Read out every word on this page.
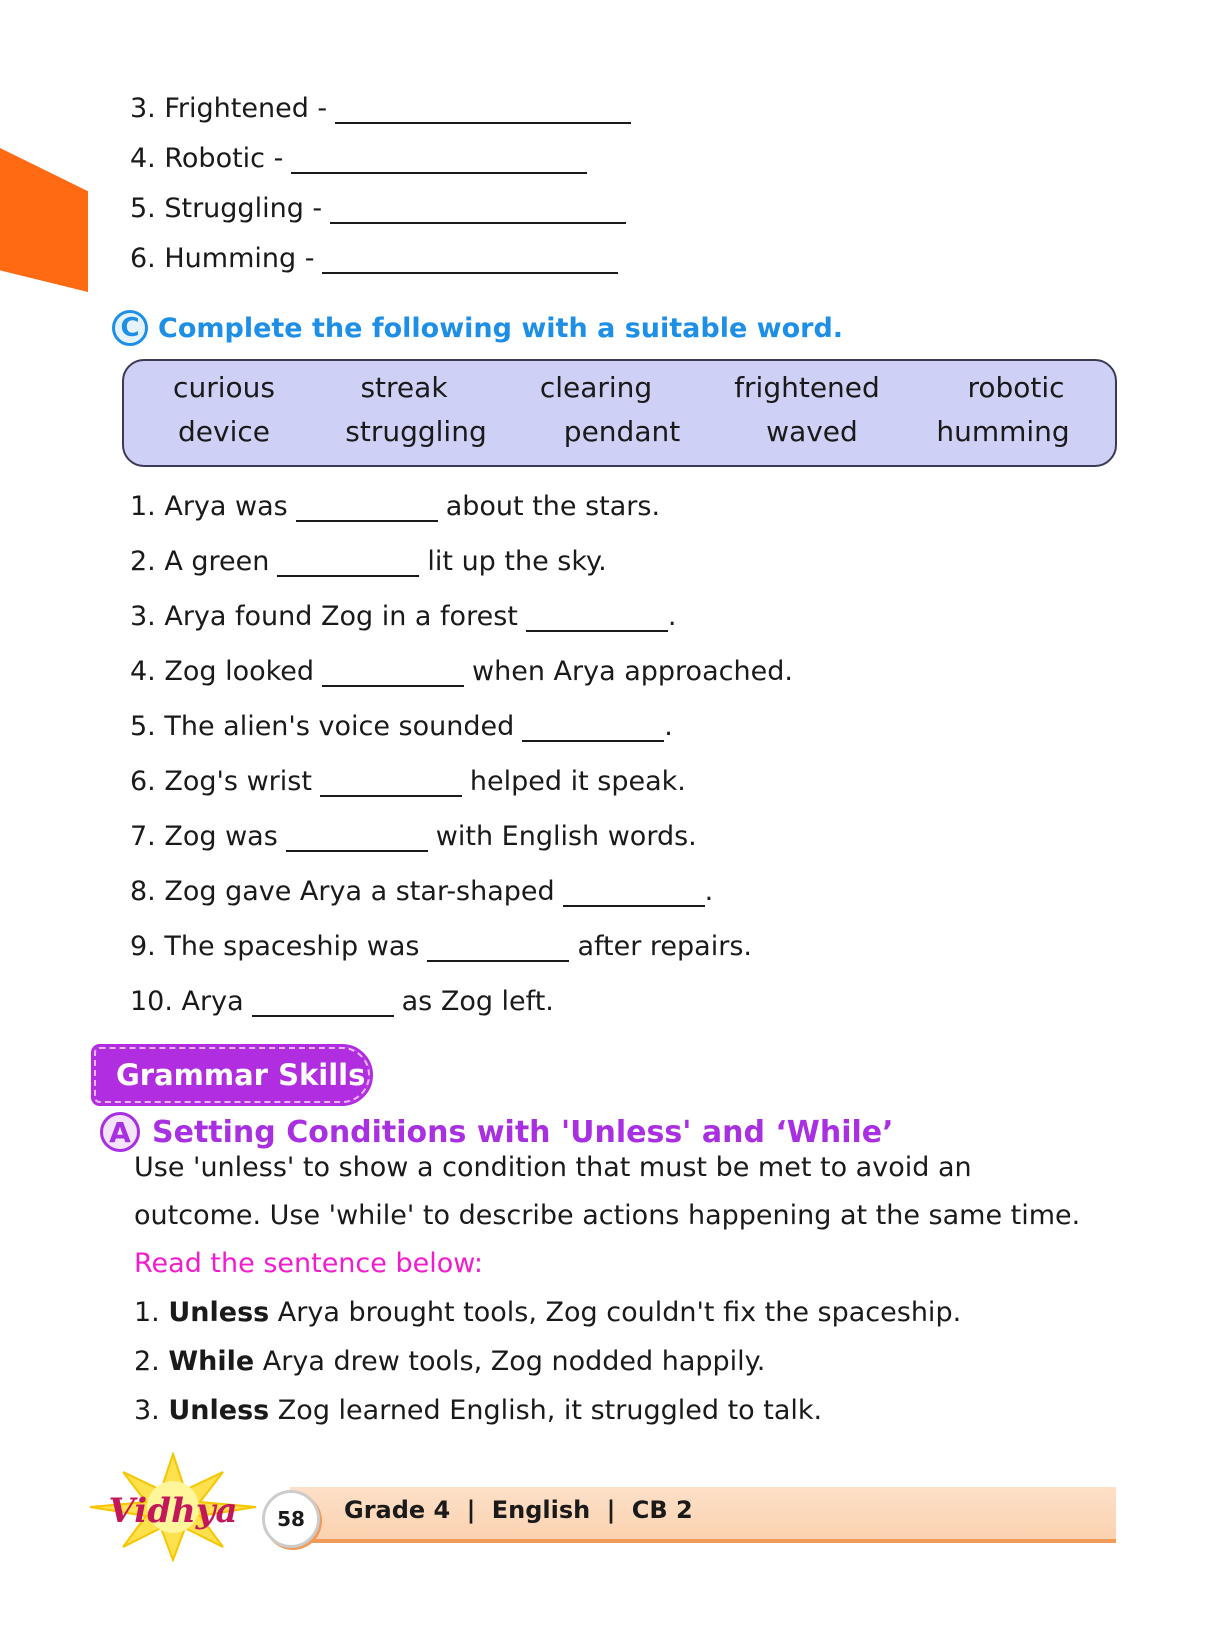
3.
Frightened -
4.
Robotic -
5.
Struggling -
6.
Humming -
C Complete the following with a suitable word.
curious	streak	clearing	frightened	robotic
device	struggling	pendant	waved	humming
1. Arya was	about the stars.
2. A green	lit up the sky.
3. Arya found Zog in a forest	.
4. Zog looked	when Arya approached.
5. The alien's voice sounded	.
6. Zog's wrist	helped it speak.
7. Zog was	with English words.
8. Zog gave Arya a star-shaped	.
9. The spaceship was	after repairs.
10. Arya	as Zog left.
Grammar Skills
A Setting Conditions with 'Unless' and ‘While’
Use 'unless' to show a condition that must be met to avoid an
outcome. Use 'while' to describe actions happening at the same time.
Read the sentence below:
1. Unless Arya brought tools, Zog couldn't fix the spaceship.
2. While Arya drew tools, Zog nodded happily.
3. Unless Zog learned English, it struggled to talk.
Vidhya	58	Grade 4 | English | CB 2
